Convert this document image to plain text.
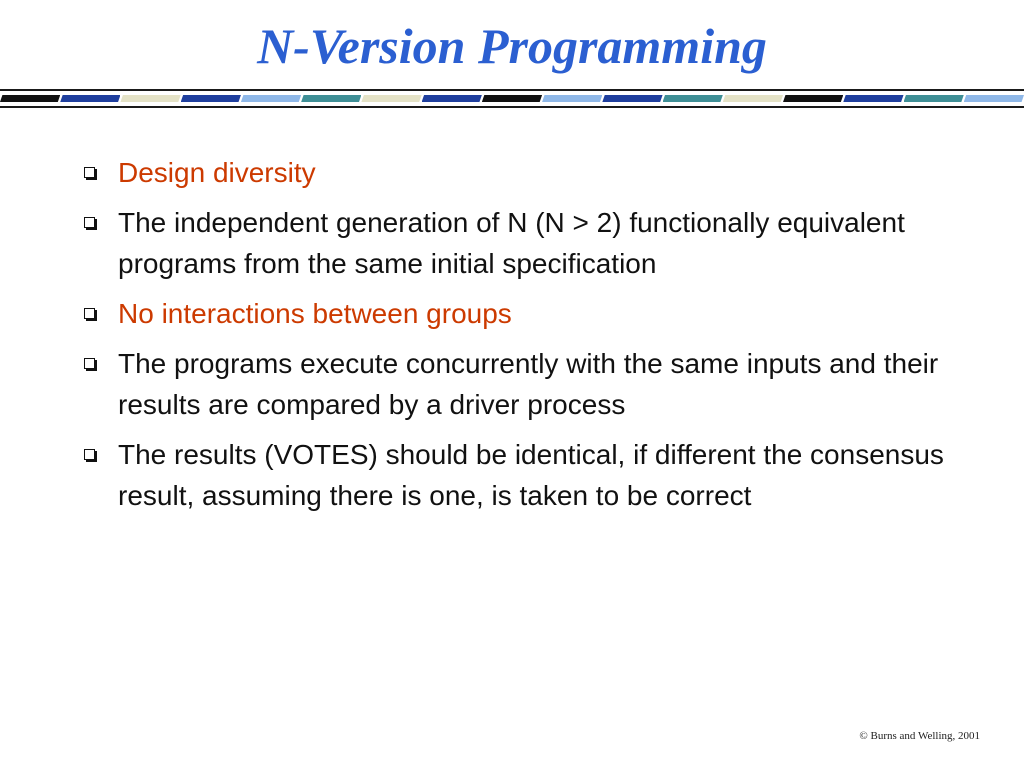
N-Version Programming
Design diversity
The independent generation of N (N > 2) functionally equivalent programs from the same initial specification
No interactions between groups
The programs execute concurrently with the same inputs and their results are compared by a driver process
The results (VOTES) should be identical, if different the consensus result, assuming there is one, is taken to be correct
© Burns and Welling, 2001
